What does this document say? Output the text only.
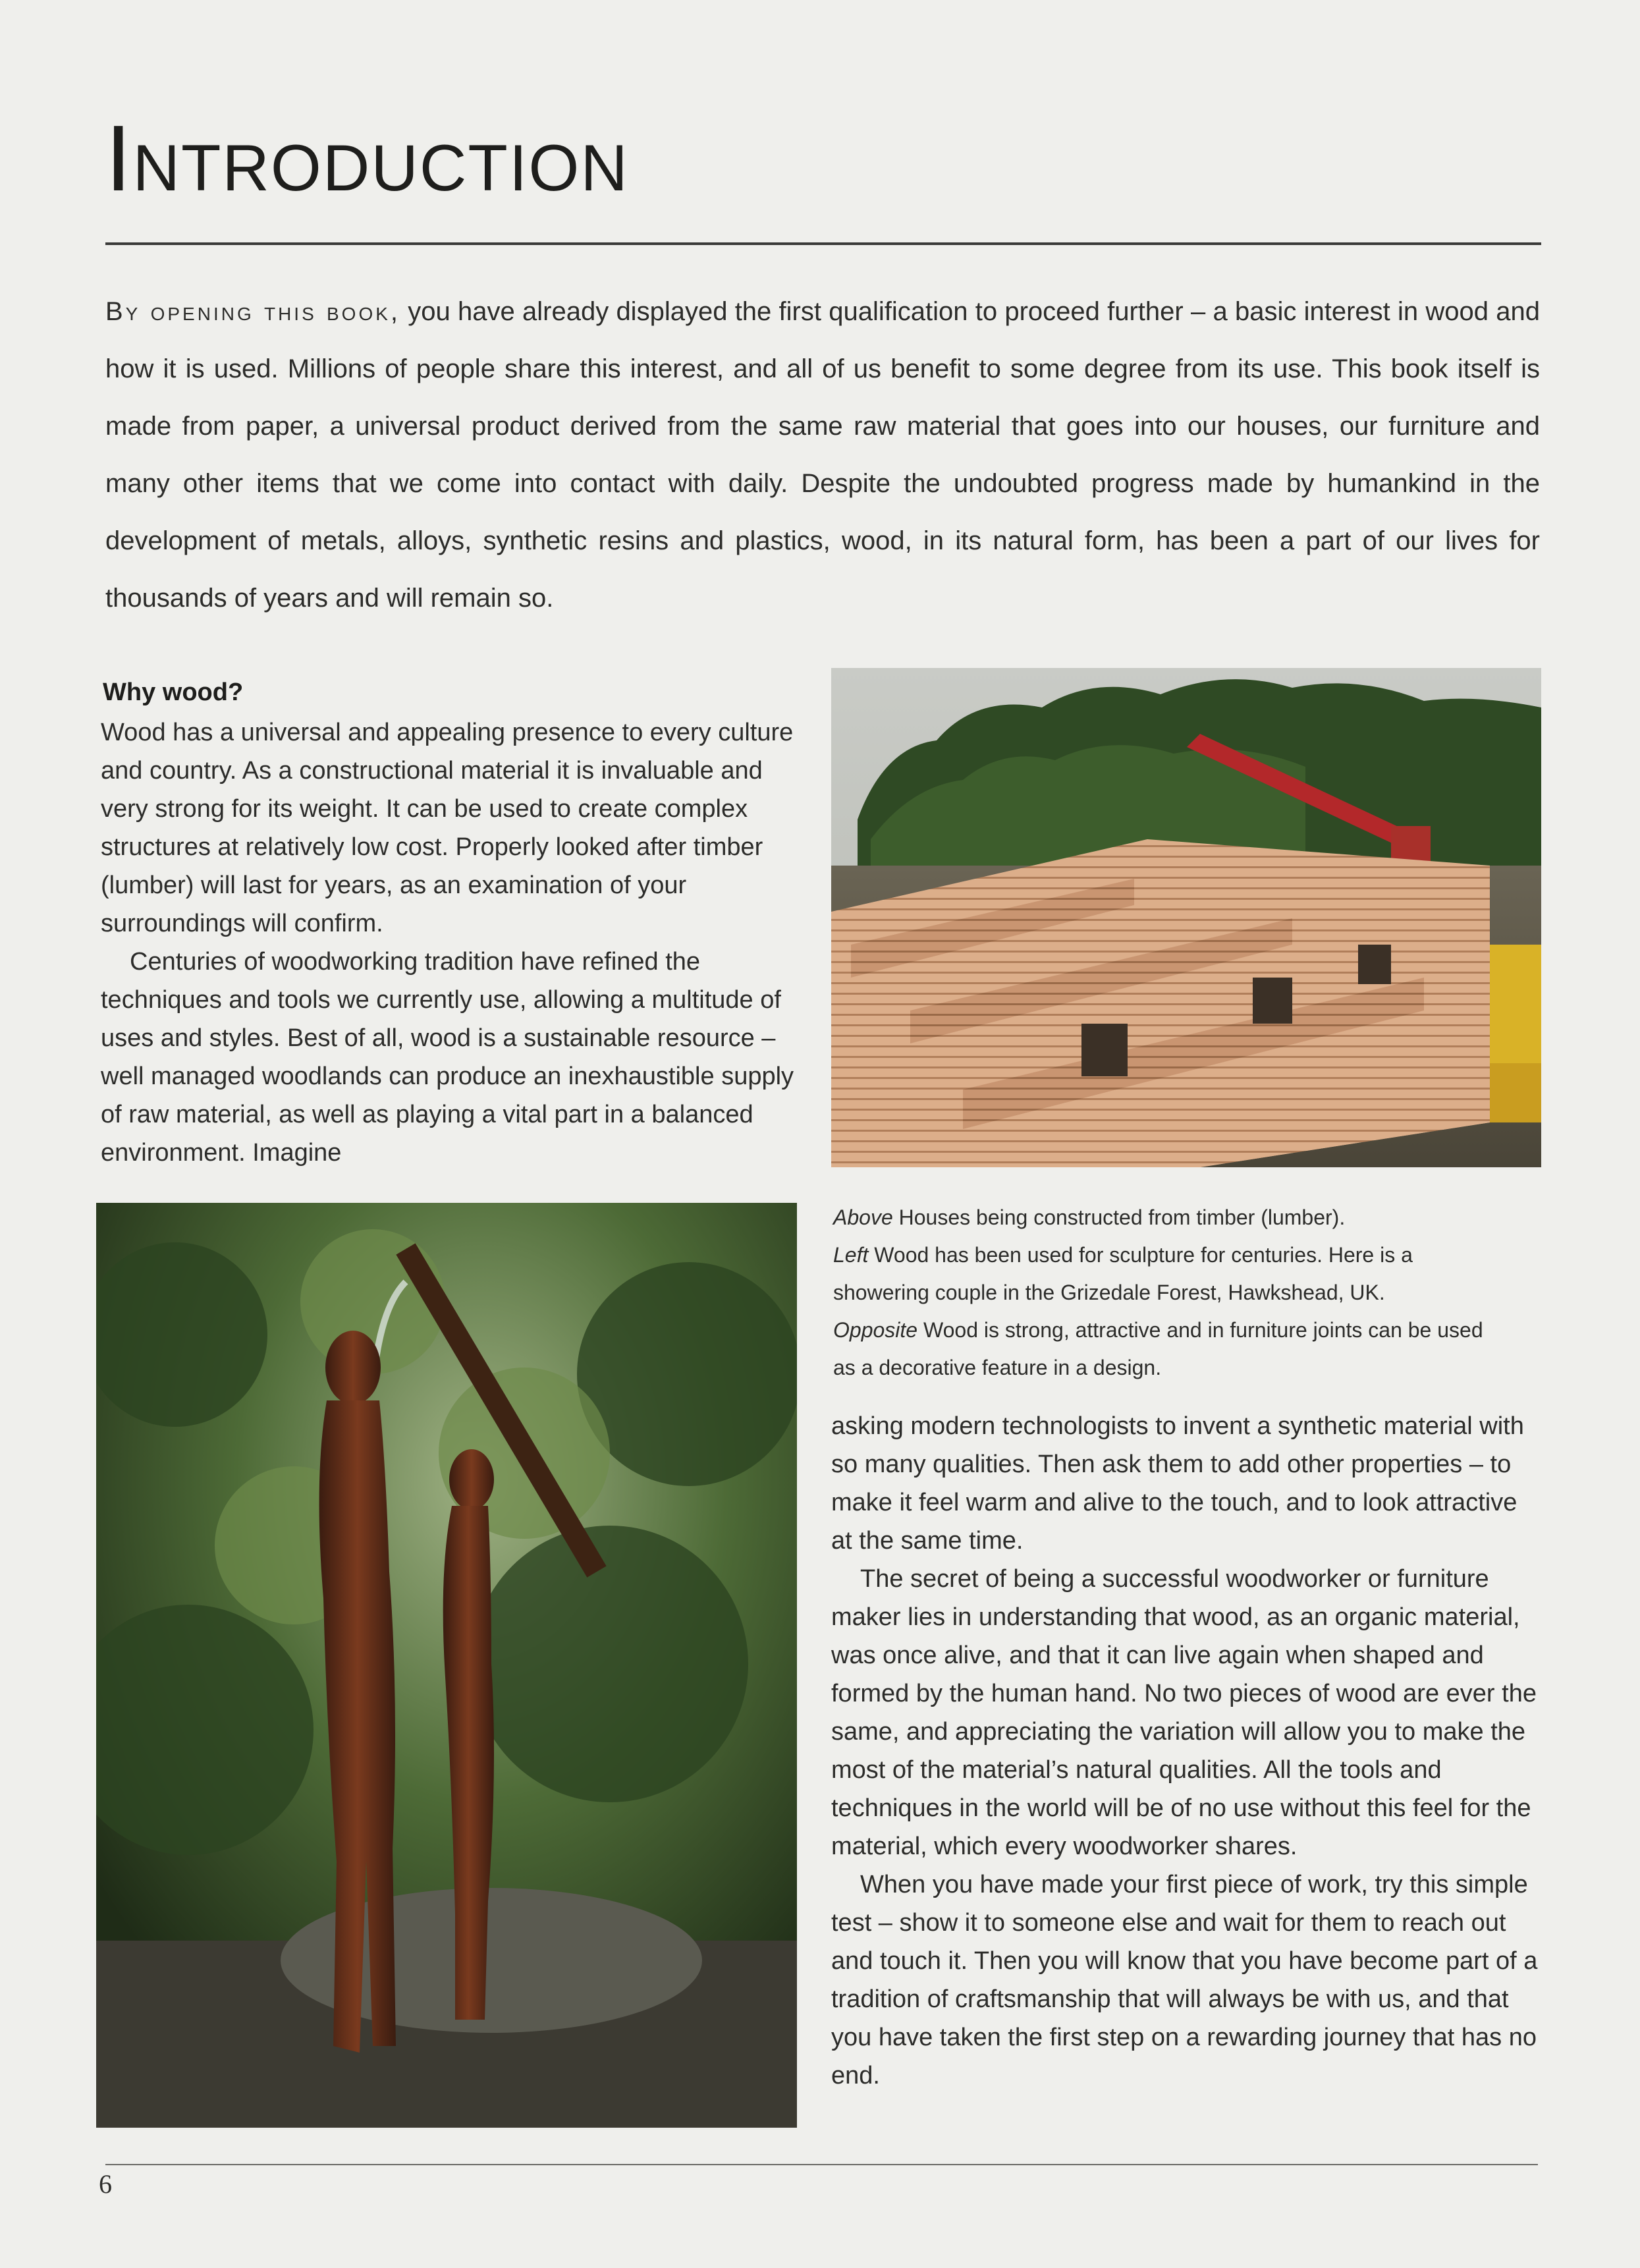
Introduction

By opening this book, you have already displayed the first qualification to proceed further – a basic interest in wood and how it is used. Millions of people share this interest, and all of us benefit to some degree from its use. This book itself is made from paper, a universal product derived from the same raw material that goes into our houses, our furniture and many other items that we come into contact with daily. Despite the undoubted progress made by humankind in the development of metals, alloys, synthetic resins and plastics, wood, in its natural form, has been a part of our lives for thousands of years and will remain so.

Why wood?

Wood has a universal and appealing presence to every culture and country. As a constructional material it is invaluable and very strong for its weight. It can be used to create complex structures at relatively low cost. Properly looked after timber (lumber) will last for years, as an examination of your surroundings will confirm.

Centuries of woodworking tradition have refined the techniques and tools we currently use, allowing a multitude of uses and styles. Best of all, wood is a sustainable resource – well managed woodlands can produce an inexhaustible supply of raw material, as well as playing a vital part in a balanced environment. Imagine

Above Houses being constructed from timber (lumber).
Left Wood has been used for sculpture for centuries. Here is a showering couple in the Grizedale Forest, Hawkshead, UK.
Opposite Wood is strong, attractive and in furniture joints can be used as a decorative feature in a design.

asking modern technologists to invent a synthetic material with so many qualities. Then ask them to add other properties – to make it feel warm and alive to the touch, and to look attractive at the same time.

The secret of being a successful woodworker or furniture maker lies in understanding that wood, as an organic material, was once alive, and that it can live again when shaped and formed by the human hand. No two pieces of wood are ever the same, and appreciating the variation will allow you to make the most of the material’s natural qualities. All the tools and techniques in the world will be of no use without this feel for the material, which every woodworker shares.

When you have made your first piece of work, try this simple test – show it to someone else and wait for them to reach out and touch it. Then you will know that you have become part of a tradition of craftsmanship that will always be with us, and that you have taken the first step on a rewarding journey that has no end.

6
